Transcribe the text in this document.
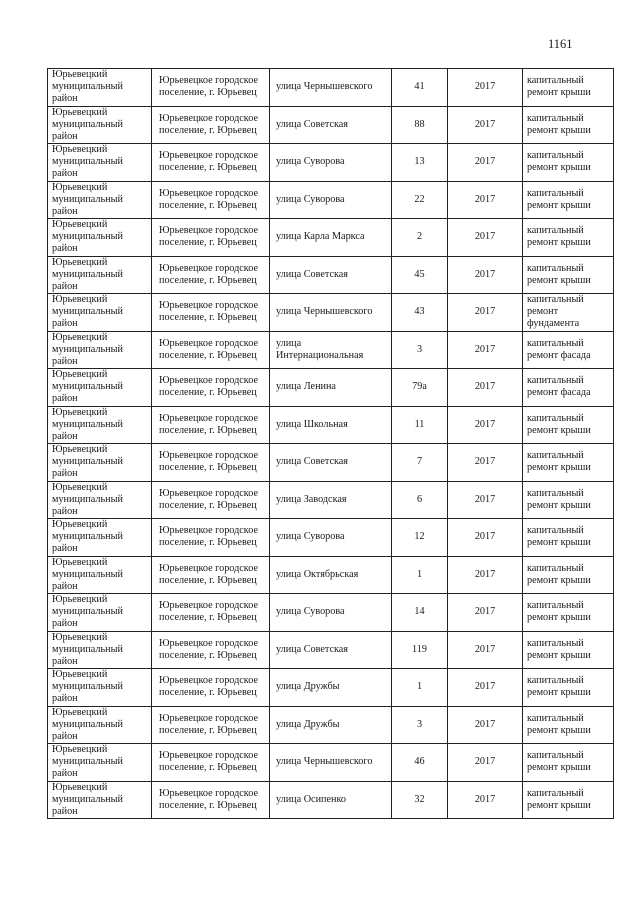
1161
Юрьевецкий муниципальный район	Юрьевецкое городское поселение, г. Юрьевец	улица Чернышевского	41	2017	капитальный ремонт крыши
Юрьевецкий муниципальный район	Юрьевецкое городское поселение, г. Юрьевец	улица Советская	88	2017	капитальный ремонт крыши
Юрьевецкий муниципальный район	Юрьевецкое городское поселение, г. Юрьевец	улица Суворова	13	2017	капитальный ремонт крыши
Юрьевецкий муниципальный район	Юрьевецкое городское поселение, г. Юрьевец	улица Суворова	22	2017	капитальный ремонт крыши
Юрьевецкий муниципальный район	Юрьевецкое городское поселение, г. Юрьевец	улица Карла Маркса	2	2017	капитальный ремонт крыши
Юрьевецкий муниципальный район	Юрьевецкое городское поселение, г. Юрьевец	улица Советская	45	2017	капитальный ремонт крыши
Юрьевецкий муниципальный район	Юрьевецкое городское поселение, г. Юрьевец	улица Чернышевского	43	2017	капитальный ремонт фундамента
Юрьевецкий муниципальный район	Юрьевецкое городское поселение, г. Юрьевец	улица Интернациональная	3	2017	капитальный ремонт фасада
Юрьевецкий муниципальный район	Юрьевецкое городское поселение, г. Юрьевец	улица Ленина	79а	2017	капитальный ремонт фасада
Юрьевецкий муниципальный район	Юрьевецкое городское поселение, г. Юрьевец	улица Школьная	11	2017	капитальный ремонт крыши
Юрьевецкий муниципальный район	Юрьевецкое городское поселение, г. Юрьевец	улица Советская	7	2017	капитальный ремонт крыши
Юрьевецкий муниципальный район	Юрьевецкое городское поселение, г. Юрьевец	улица Заводская	6	2017	капитальный ремонт крыши
Юрьевецкий муниципальный район	Юрьевецкое городское поселение, г. Юрьевец	улица Суворова	12	2017	капитальный ремонт крыши
Юрьевецкий муниципальный район	Юрьевецкое городское поселение, г. Юрьевец	улица Октябрьская	1	2017	капитальный ремонт крыши
Юрьевецкий муниципальный район	Юрьевецкое городское поселение, г. Юрьевец	улица Суворова	14	2017	капитальный ремонт крыши
Юрьевецкий муниципальный район	Юрьевецкое городское поселение, г. Юрьевец	улица Советская	119	2017	капитальный ремонт крыши
Юрьевецкий муниципальный район	Юрьевецкое городское поселение, г. Юрьевец	улица Дружбы	1	2017	капитальный ремонт крыши
Юрьевецкий муниципальный район	Юрьевецкое городское поселение, г. Юрьевец	улица Дружбы	3	2017	капитальный ремонт крыши
Юрьевецкий муниципальный район	Юрьевецкое городское поселение, г. Юрьевец	улица Чернышевского	46	2017	капитальный ремонт крыши
Юрьевецкий муниципальный район	Юрьевецкое городское поселение, г. Юрьевец	улица Осипенко	32	2017	капитальный ремонт крыши
